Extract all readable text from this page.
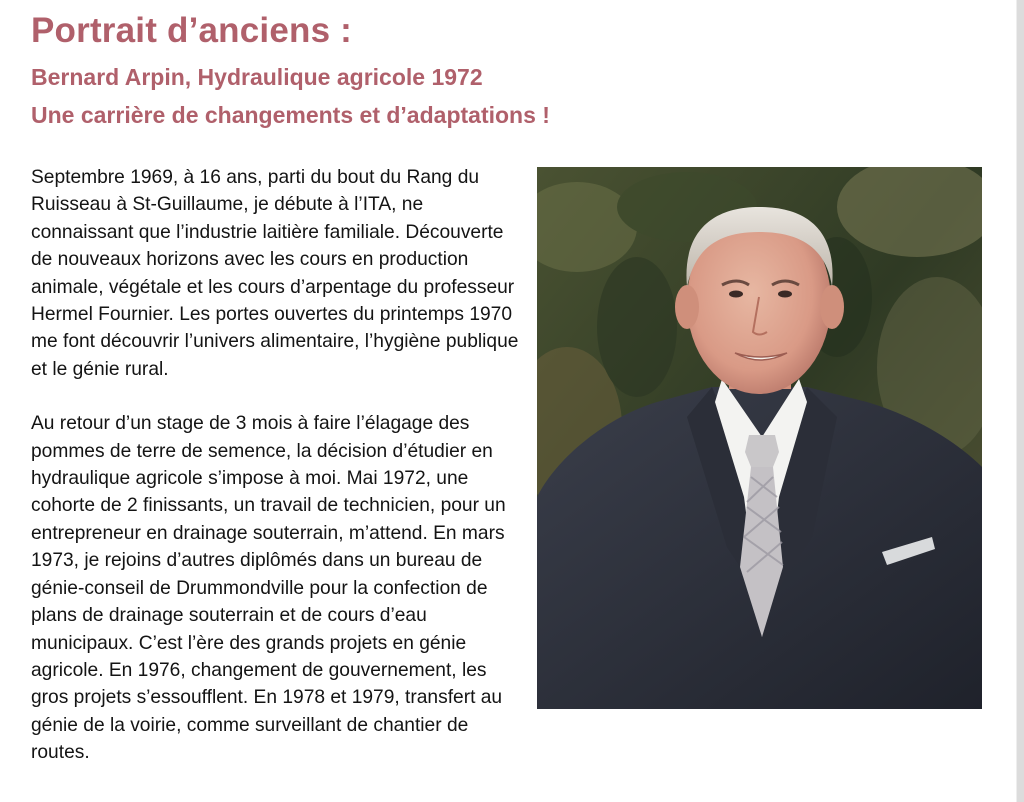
Portrait d’anciens :
Bernard Arpin, Hydraulique agricole 1972
Une carrière de changements et d’adaptations !

Septembre 1969, à 16 ans, parti du bout du Rang du Ruisseau à St-Guillaume, je débute à l’ITA, ne connaissant que l’industrie laitière familiale. Découverte de nouveaux horizons avec les cours en production animale, végétale et les cours d’arpentage du professeur Hermel Fournier. Les portes ouvertes du printemps 1970 me font découvrir l’univers alimentaire, l’hygiène publique et le génie rural.

Au retour d’un stage de 3 mois à faire l’élagage des pommes de terre de semence, la décision d’étudier en hydraulique agricole s’impose à moi. Mai 1972, une cohorte de 2 finissants, un travail de technicien, pour un entrepreneur en drainage souterrain, m’attend. En mars 1973, je rejoins d’autres diplômés dans un bureau de génie-conseil de Drummondville pour la confection de plans de drainage souterrain et de cours d’eau municipaux. C’est l’ère des grands projets en génie agricole. En 1976, changement de gouvernement, les gros projets s’essoufflent. En 1978 et 1979, transfert au génie de la voirie, comme surveillant de chantier de routes.
